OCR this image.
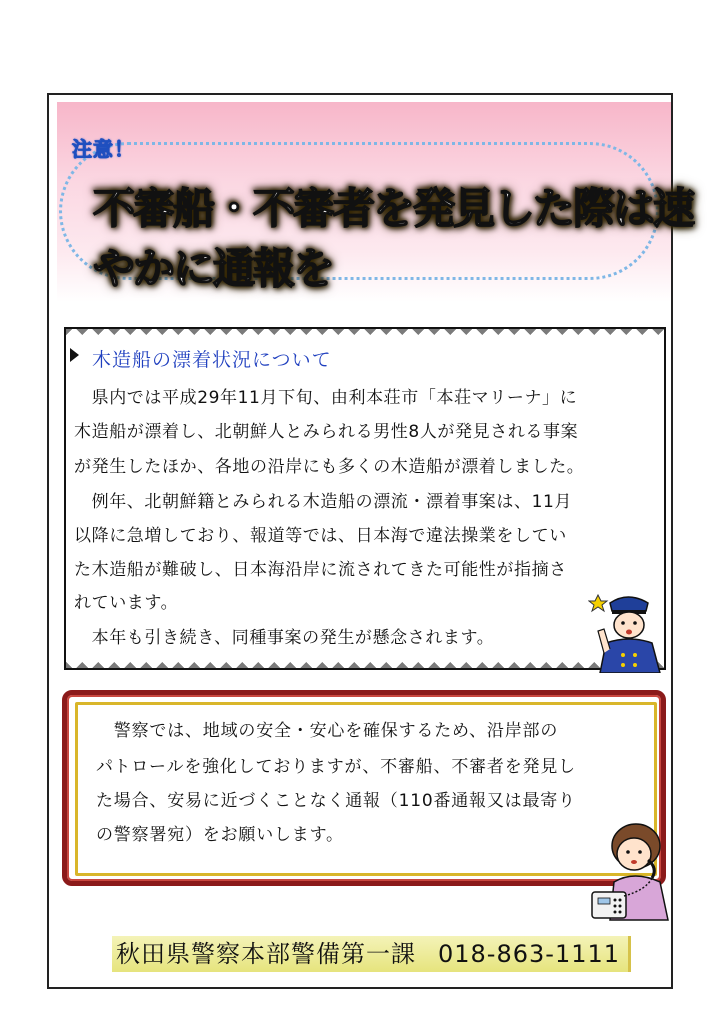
注意！
不審船・不審者を発見した際は速やかに通報を
木造船の漂着状況について
　県内では平成29年11月下旬、由利本荘市「本荘マリーナ」に
木造船が漂着し、北朝鮮人とみられる男性8人が発見される事案
が発生したほか、各地の沿岸にも多くの木造船が漂着しました。
　例年、北朝鮮籍とみられる木造船の漂流・漂着事案は、11月
以降に急増しており、報道等では、日本海で違法操業をしてい
た木造船が難破し、日本海沿岸に流されてきた可能性が指摘さ
れています。
　本年も引き続き、同種事案の発生が懸念されます。
　警察では、地域の安全・安心を確保するため、沿岸部の
パトロールを強化しておりますが、不審船、不審者を発見し
た場合、安易に近づくことなく通報（110番通報又は最寄り
の警察署宛）をお願いします。
秋田県警察本部警備第一課 018-863-1111
